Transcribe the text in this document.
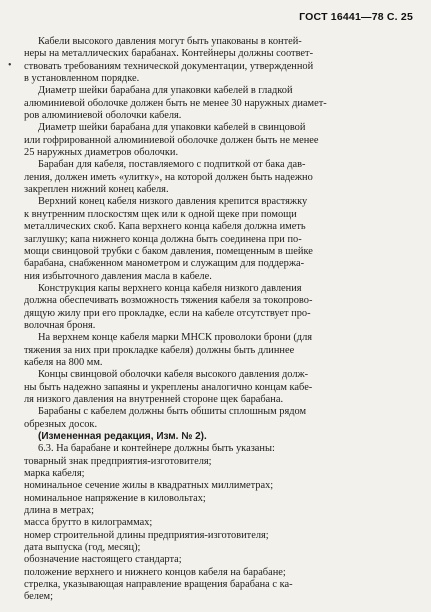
ГОСТ 16441—78 С. 25
•
Кабели высокого давления могут быть упакованы в контей-
неры на металлических барабанах. Контейнеры должны соответ-
ствовать требованиям технической документации, утвержденной
в установленном порядке.
Диаметр шейки барабана для упаковки кабелей в гладкой
алюминиевой оболочке должен быть не менее 30 наружных диамет-
ров алюминиевой оболочки кабеля.
Диаметр шейки барабана для упаковки кабелей в свинцовой
или гофрированной алюминиевой оболочке должен быть не менее
25 наружных диаметров оболочки.
Барабан для кабеля, поставляемого с подпиткой от бака дав-
ления, должен иметь «улитку», на которой должен быть надежно
закреплен нижний конец кабеля.
Верхний конец кабеля низкого давления крепится врастяжку
к внутренним плоскостям щек или к одной щеке при помощи
металлических скоб. Капа верхнего конца кабеля должна иметь
заглушку; капа нижнего конца должна быть соединена при по-
мощи свинцовой трубки с баком давления, помещенным в шейке
барабана, снабженном манометром и служащим для поддержа-
ния избыточного давления масла в кабеле.
Конструкция капы верхнего конца кабеля низкого давления
должна обеспечивать возможность тяжения кабеля за токопрово-
дящую жилу при его прокладке, если на кабеле отсутствует про-
волочная броня.
На верхнем конце кабеля марки МНСК проволоки брони (для
тяжения за них при прокладке кабеля) должны быть длиннее
кабеля на 800 мм.
Концы свинцовой оболочки кабеля высокого давления долж-
ны быть надежно запаяны и укреплены аналогично концам кабе-
ля низкого давления на внутренней стороне щек барабана.
Барабаны с кабелем должны быть обшиты сплошным рядом
обрезных досок.
(Измененная редакция, Изм. № 2).
6.3. На барабане и контейнере должны быть указаны:
товарный знак предприятия-изготовителя;
марка кабеля;
номинальное сечение жилы в квадратных миллиметрах;
номинальное напряжение в киловольтах;
длина в метрах;
масса брутто в килограммах;
номер строительной длины предприятия-изготовителя;
дата выпуска (год, месяц);
обозначение настоящего стандарта;
положение верхнего и нижнего концов кабеля на барабане;
стрелка, указывающая направление вращения барабана с ка-
белем;
